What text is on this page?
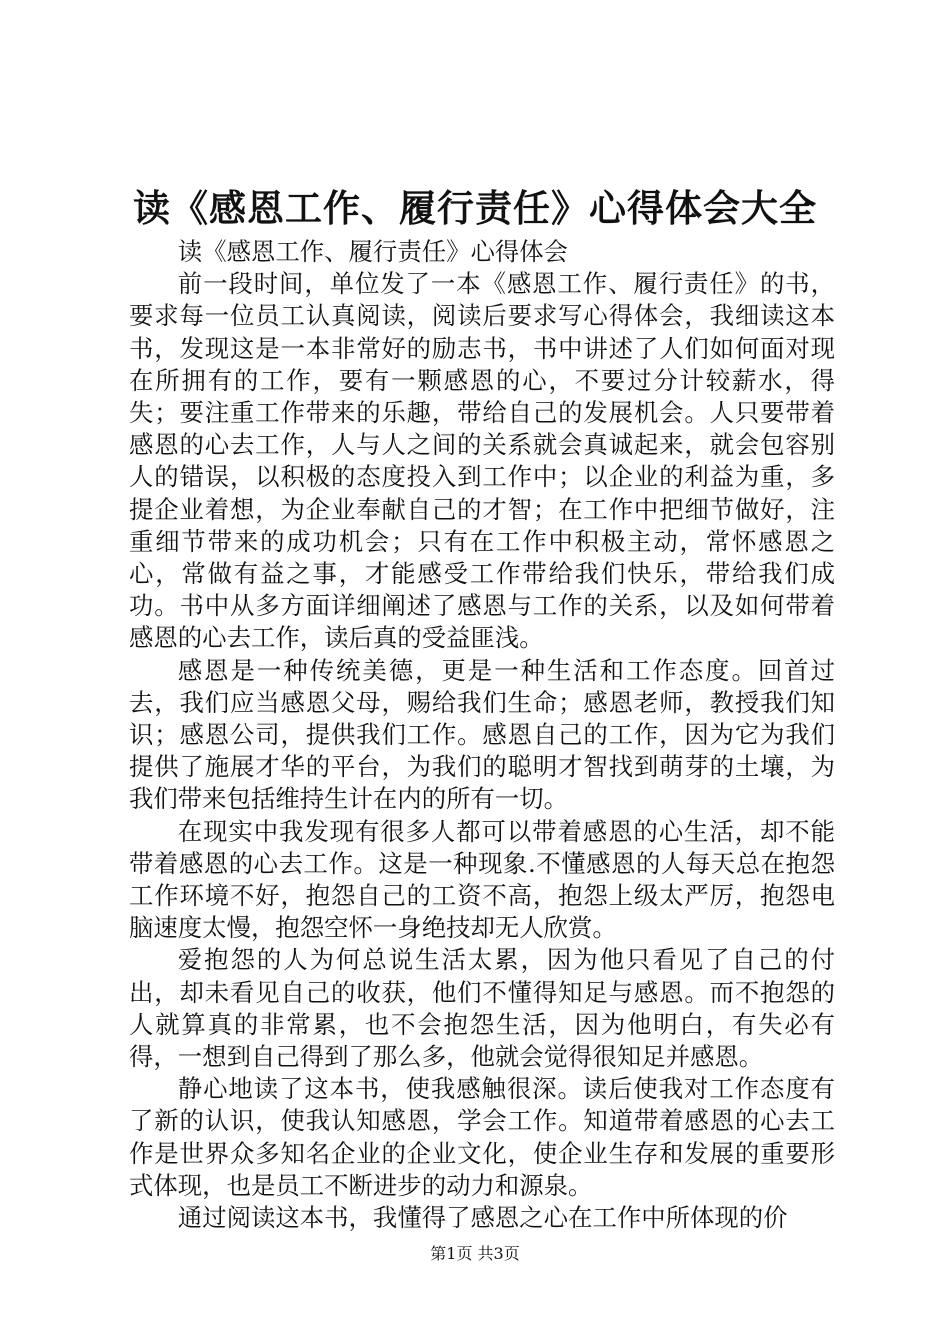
读《感恩工作、履行责任》心得体会大全

读《感恩工作、履行责任》心得体会

前一段时间，单位发了一本《感恩工作、履行责任》的书，要求每一位员工认真阅读，阅读后要求写心得体会，我细读这本书，发现这是一本非常好的励志书，书中讲述了人们如何面对现在所拥有的工作，要有一颗感恩的心，不要过分计较薪水，得失；要注重工作带来的乐趣，带给自己的发展机会。人只要带着感恩的心去工作，人与人之间的关系就会真诚起来，就会包容别人的错误，以积极的态度投入到工作中；以企业的利益为重，多提企业着想，为企业奉献自己的才智；在工作中把细节做好，注重细节带来的成功机会；只有在工作中积极主动，常怀感恩之心，常做有益之事，才能感受工作带给我们快乐，带给我们成功。书中从多方面详细阐述了感恩与工作的关系，以及如何带着感恩的心去工作，读后真的受益匪浅。

感恩是一种传统美德，更是一种生活和工作态度。回首过去，我们应当感恩父母，赐给我们生命；感恩老师，教授我们知识；感恩公司，提供我们工作。感恩自己的工作，因为它为我们提供了施展才华的平台，为我们的聪明才智找到萌芽的土壤，为我们带来包括维持生计在内的所有一切。

在现实中我发现有很多人都可以带着感恩的心生活，却不能带着感恩的心去工作。这是一种现象.不懂感恩的人每天总在抱怨工作环境不好，抱怨自己的工资不高，抱怨上级太严厉，抱怨电脑速度太慢，抱怨空怀一身绝技却无人欣赏。

爱抱怨的人为何总说生活太累，因为他只看见了自己的付出，却未看见自己的收获，他们不懂得知足与感恩。而不抱怨的人就算真的非常累，也不会抱怨生活，因为他明白，有失必有得，一想到自己得到了那么多，他就会觉得很知足并感恩。

静心地读了这本书，使我感触很深。读后使我对工作态度有了新的认识，使我认知感恩，学会工作。知道带着感恩的心去工作是世界众多知名企业的企业文化，使企业生存和发展的重要形式体现，也是员工不断进步的动力和源泉。

通过阅读这本书，我懂得了感恩之心在工作中所体现的价

第1页 共3页
